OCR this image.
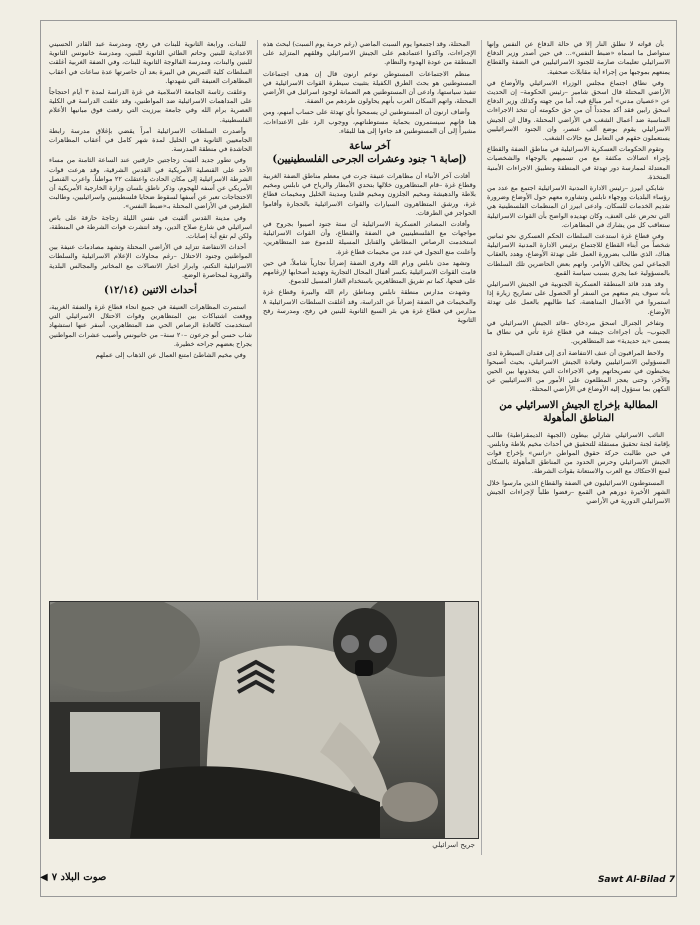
بأن قواته لا تطلق النار إلا في حالة الدفاع عن النفس وإنها ستواصل ما اسماه «ضبط النفس»... في حين أصدر وزير الدفاع الاسرائيلي تعليمات صارمة للجنود الاسرائيليين في الضفة والقطاع يمنعهم بموجبها من إجراء أية مقابلات صحفية.

وفي نطاق اجتماع مجلس الوزراء الاسرائيلي والأوضاع في الأراضي المحتلة قال اسحق شامير –رئيس الحكومة– إن الحديث عن «عصيان مدني» أمر مبالغ فيه. أما من جهته وكذلك وزير الدفاع اسحق رابين فقد أكد مجدداً أن من حق حكومته أن تتخذ الاجراءات المناسبة ضد أعمال الشغب في الأراضي المحتلة. وقال ان الجيش الاسرائيلي يقوم بوضع ألف عنصر، وان الجنود الاسرائيليين يستعملون حقهم في التعامل مع حالات الشغب.

وتقوم الحكومات العسكرية الاسرائيلية في مناطق الضفة والقطاع بإجراء اتصالات مكثفة مع من تسميهم بالوجهاء والشخصيات المعتدلة لممارسة دور تهدئة في المنطقة وتطبيق الاجراءات الأمنية المتخذة.

شابكي ابيرز –رئيس الادارة المدنية الاسرائيلية اجتمع مع عدد من رؤساء البلديات ووجهاء نابلس وتشاوره معهم حول الأوضاع وضرورة تقديم الخدمات للسكان. وادعى ابيرز ان المنظمات الفلسطينية هي التي تحرض على العنف، وكان تهديده الواضح بأن القوات الاسرائيلية ستعاقب كل من يشارك في المظاهرات.

وفي قطاع غزة استدعت السلطات الحكم العسكري نحو ثمانين شخصاً من أبناء القطاع للاجتماع برئيس الادارة المدنية الاسرائيلية هناك، الذي طالب بضرورة العمل على تهدئة الأوضاع، وهدد بالعقاب الجماعي لمن يخالف الأوامر. واتهم بعض الحاضرين تلك السلطات بالمسؤولية عما يجري بسبب سياسة القمع.

وقد هدد قائد المنطقة العسكرية الجنوبية في الجيش الاسرائيلي بأنه سوف يتم منعهم من السفر أو الحصول على تصاريح زيارة إذا استمروا في الأعمال المناهضة، كما طالبهم بالعمل على تهدئة الأوضاع.

وتفاخر الجنرال اسحق مردخاي –قائد الجيش الاسرائيلي في الجنوب– بأن اجراءات جيشه في قطاع غزة تأتي في نطاق ما يسمى «يد حديدية» ضد المتظاهرين.

ولاحظ المراقبون أن عنف الانتفاضة أدى إلى فقدان السيطرة لدى المسؤولين الاسرائيليين وقيادة الجيش الاسرائيلي، بحيث أصبحوا يتخبطون في تصريحاتهم وفي الاجراءات التي يتخذونها بين الحين والآخر، وحتى يعجز المطلعون على الأمور من الاسرائيليين عن التكهن بما ستؤول إليه الأوضاع في الأراضي المحتلة.

المطالبة بإخراج الجيش الاسرائيلي من المناطق المأهولة

النائب الاسرائيلي شارلي بيطون (الجبهة الديمقراطية) طالب بإقامة لجنة تحقيق مستقلة للتحقيق في أحداث مخيم بلاطة ونابلس. في حين طالبت حركة حقوق المواطن «راتس» بإخراج قوات الجيش الاسرائيلي وحرس الحدود من المناطق المأهولة بالسكان لمنع الاحتكاك مع العرب والاستعانة بقوات الشرطة.

المستوطنون الاسرائيليون في الضفة والقطاع الذين مارسوا خلال الشهر الأخيرة دورهم في القمع –رفضوا طلباً لإجراءات الجيش الاسرائيلي الدورية في الأراضي

المحتلة، وقد اجتمعوا يوم السبت الماضي (رغم حرمة يوم السبت) لبحث هذه الإجراءات، واكدوا اعتمادهم على الجيش الاسرائيلي وقلقهم المتزايد على المنطقة من عودة الهدوء والنظام.

منظم الاجتماعات المستوطن نوعم ارنون قال إن هدف اجتماعات المستوطنين هو بحث الطرق الكفيلة بتثبيت سيطرة القوات الاسرائيلية في تنفيذ سياستها، وادعى أن المستوطنين هم الضمانة لوجود اسرائيل في الأراضي المحتلة، واتهم السكان العرب بأنهم يحاولون طردهم من الضفة.

وأضاف ارنون أن المستوطنين لن يسمحوا بأي تهدئة على حساب أمنهم، ومن هنا فإنهم سيستمرون بحماية مستوطناتهم، ووجوب الرد على الاعتداءات، مشيراً إلى أن المستوطنين قد جاءوا إلى هنا للبقاء.

آخر ساعة
(إصابة ٦ جنود وعشرات الجرحى الفلسطينيين)

أفادت آخر الأنباء أن مظاهرات عنيفة جرت في معظم مناطق الضفة الغربية وقطاع غزة –قام المتظاهرون خلالها بتحدي الأمطار والرياح في نابلس ومخيم بلاطة والدهيشة ومخيم الجلزون ومخيم قلنديا ومدينة الخليل ومخيمات قطاع غزة، ورشق المتظاهرون السيارات والقوات الاسرائيلية بالحجارة وأقاموا الحواجز في الطرقات.

وأفادت المصادر العسكرية الاسرائيلية أن ستة جنود أصيبوا بجروح في مواجهات مع الفلسطينيين في الضفة والقطاع، وأن القوات الاسرائيلية استخدمت الرصاص المطاطي والقنابل المسيلة للدموع ضد المتظاهرين، وأعلنت منع التجول في عدد من مخيمات قطاع غزة.

وتشهد مدن نابلس ورام الله وقرى الضفة إضراباً تجارياً شاملاً، في حين قامت القوات الاسرائيلية بكسر أقفال المحال التجارية وتهديد أصحابها لإرغامهم على فتحها، كما تم تفريق المتظاهرين باستخدام الغاز المسيل للدموع.

وشهدت مدارس منطقة نابلس ومناطق رام الله والبيرة وقطاع غزة والمخيمات في الضفة إضراباً عن الدراسة، وقد أغلقت السلطات الاسرائيلية ٨ مدارس في قطاع غزة هي بئر السبع الثانوية للبنين في رفح، ومدرسة رفح الثانوية

للبنات، ورابعة الثانوية للبنات في رفح، ومدرسة عبد القادر الحسيني الاعدادية للبنين وحاتم الطائي الثانوية للبنين، ومدرسة خانيونس الثانوية للبنين والبنات، ومدرسة الفالوجة الثانوية للبنات، وفي الضفة الغربية أغلقت السلطات كلية التمريض في البيرة بعد أن حاصرتها عدة ساعات في أعقاب المظاهرات العنيفة التي شهدتها.

وعلقت رئاسة الجامعة الاسلامية في غزة الدراسة لمدة ٣ أيام احتجاجاً على المداهمات الاسرائيلية ضد المواطنين، وقد علقت الدراسة في الكلية العصرية برام الله وفي جامعة بيرزيت التي رفعت فوق مبانيها الأعلام الفلسطينية.

وأصدرت السلطات الاسرائيلية أمراً يقضي بإغلاق مدرسة رابطة الجامعيين الثانوية في الخليل لمدة شهر كامل في أعقاب المظاهرات الحاشدة في منطقة المدرسة.

وفي تطور جديد ألقيت زجاجتين حارقتين عند الساعة الثامنة من مساء الأحد على القنصلية الأمريكية في القدس الشرقية، وقد هرعت قوات الشرطة الاسرائيلية إلى مكان الحادث واعتقلت ٢٢ مواطناً. واعرب القنصل الأمريكي عن أسفه للهجوم، وذكر ناطق بلسان وزارة الخارجية الأمريكية أن الاحتجاجات تعبر عن أسفها لسقوط ضحايا فلسطينيين واسرائيليين، وطالبت الطرفين في الأراضي المحتلة بـ«ضبط النفس».

وفي مدينة القدس ألقيت في نفس الليلة زجاجة حارقة على باص اسرائيلي في شارع صلاح الدين، وقد انتشرت قوات الشرطة في المنطقة، ولكن لم تقع أية إصابات.

أحداث الانتفاضة تتزايد في الأراضي المحتلة وتشهد مصادمات عنيفة بين المواطنين وجنود الاحتلال –رغم محاولات الإعلام الاسرائيلية والسلطات الاسرائيلية التكتم، وابراز اخبار الاتصالات مع المخاتير والمجالس البلدية والقروية لمحاصرة الوضع.

أحداث الاثنين (١٢/١٤)

استمرت المظاهرات العنيفة في جميع انحاء قطاع غزة والضفة الغربية، ووقعت اشتباكات بين المتظاهرين وقوات الاحتلال الاسرائيلي التي استخدمت كالعادة الرصاص الحي ضد المتظاهرين، أسفر عنها استشهاد شاب حسن أبو جرعون –٢٠ سنة– من خانيونس وأصيب عشرات المواطنين بجراح بعضهم جراحه خطيرة.

وفي مخيم الشاطئ امتنع العمال عن الذهاب إلى عملهم

جريح اسرائيلي
صوت البلاد ٧◀	Sawt Al-Bilad 7
